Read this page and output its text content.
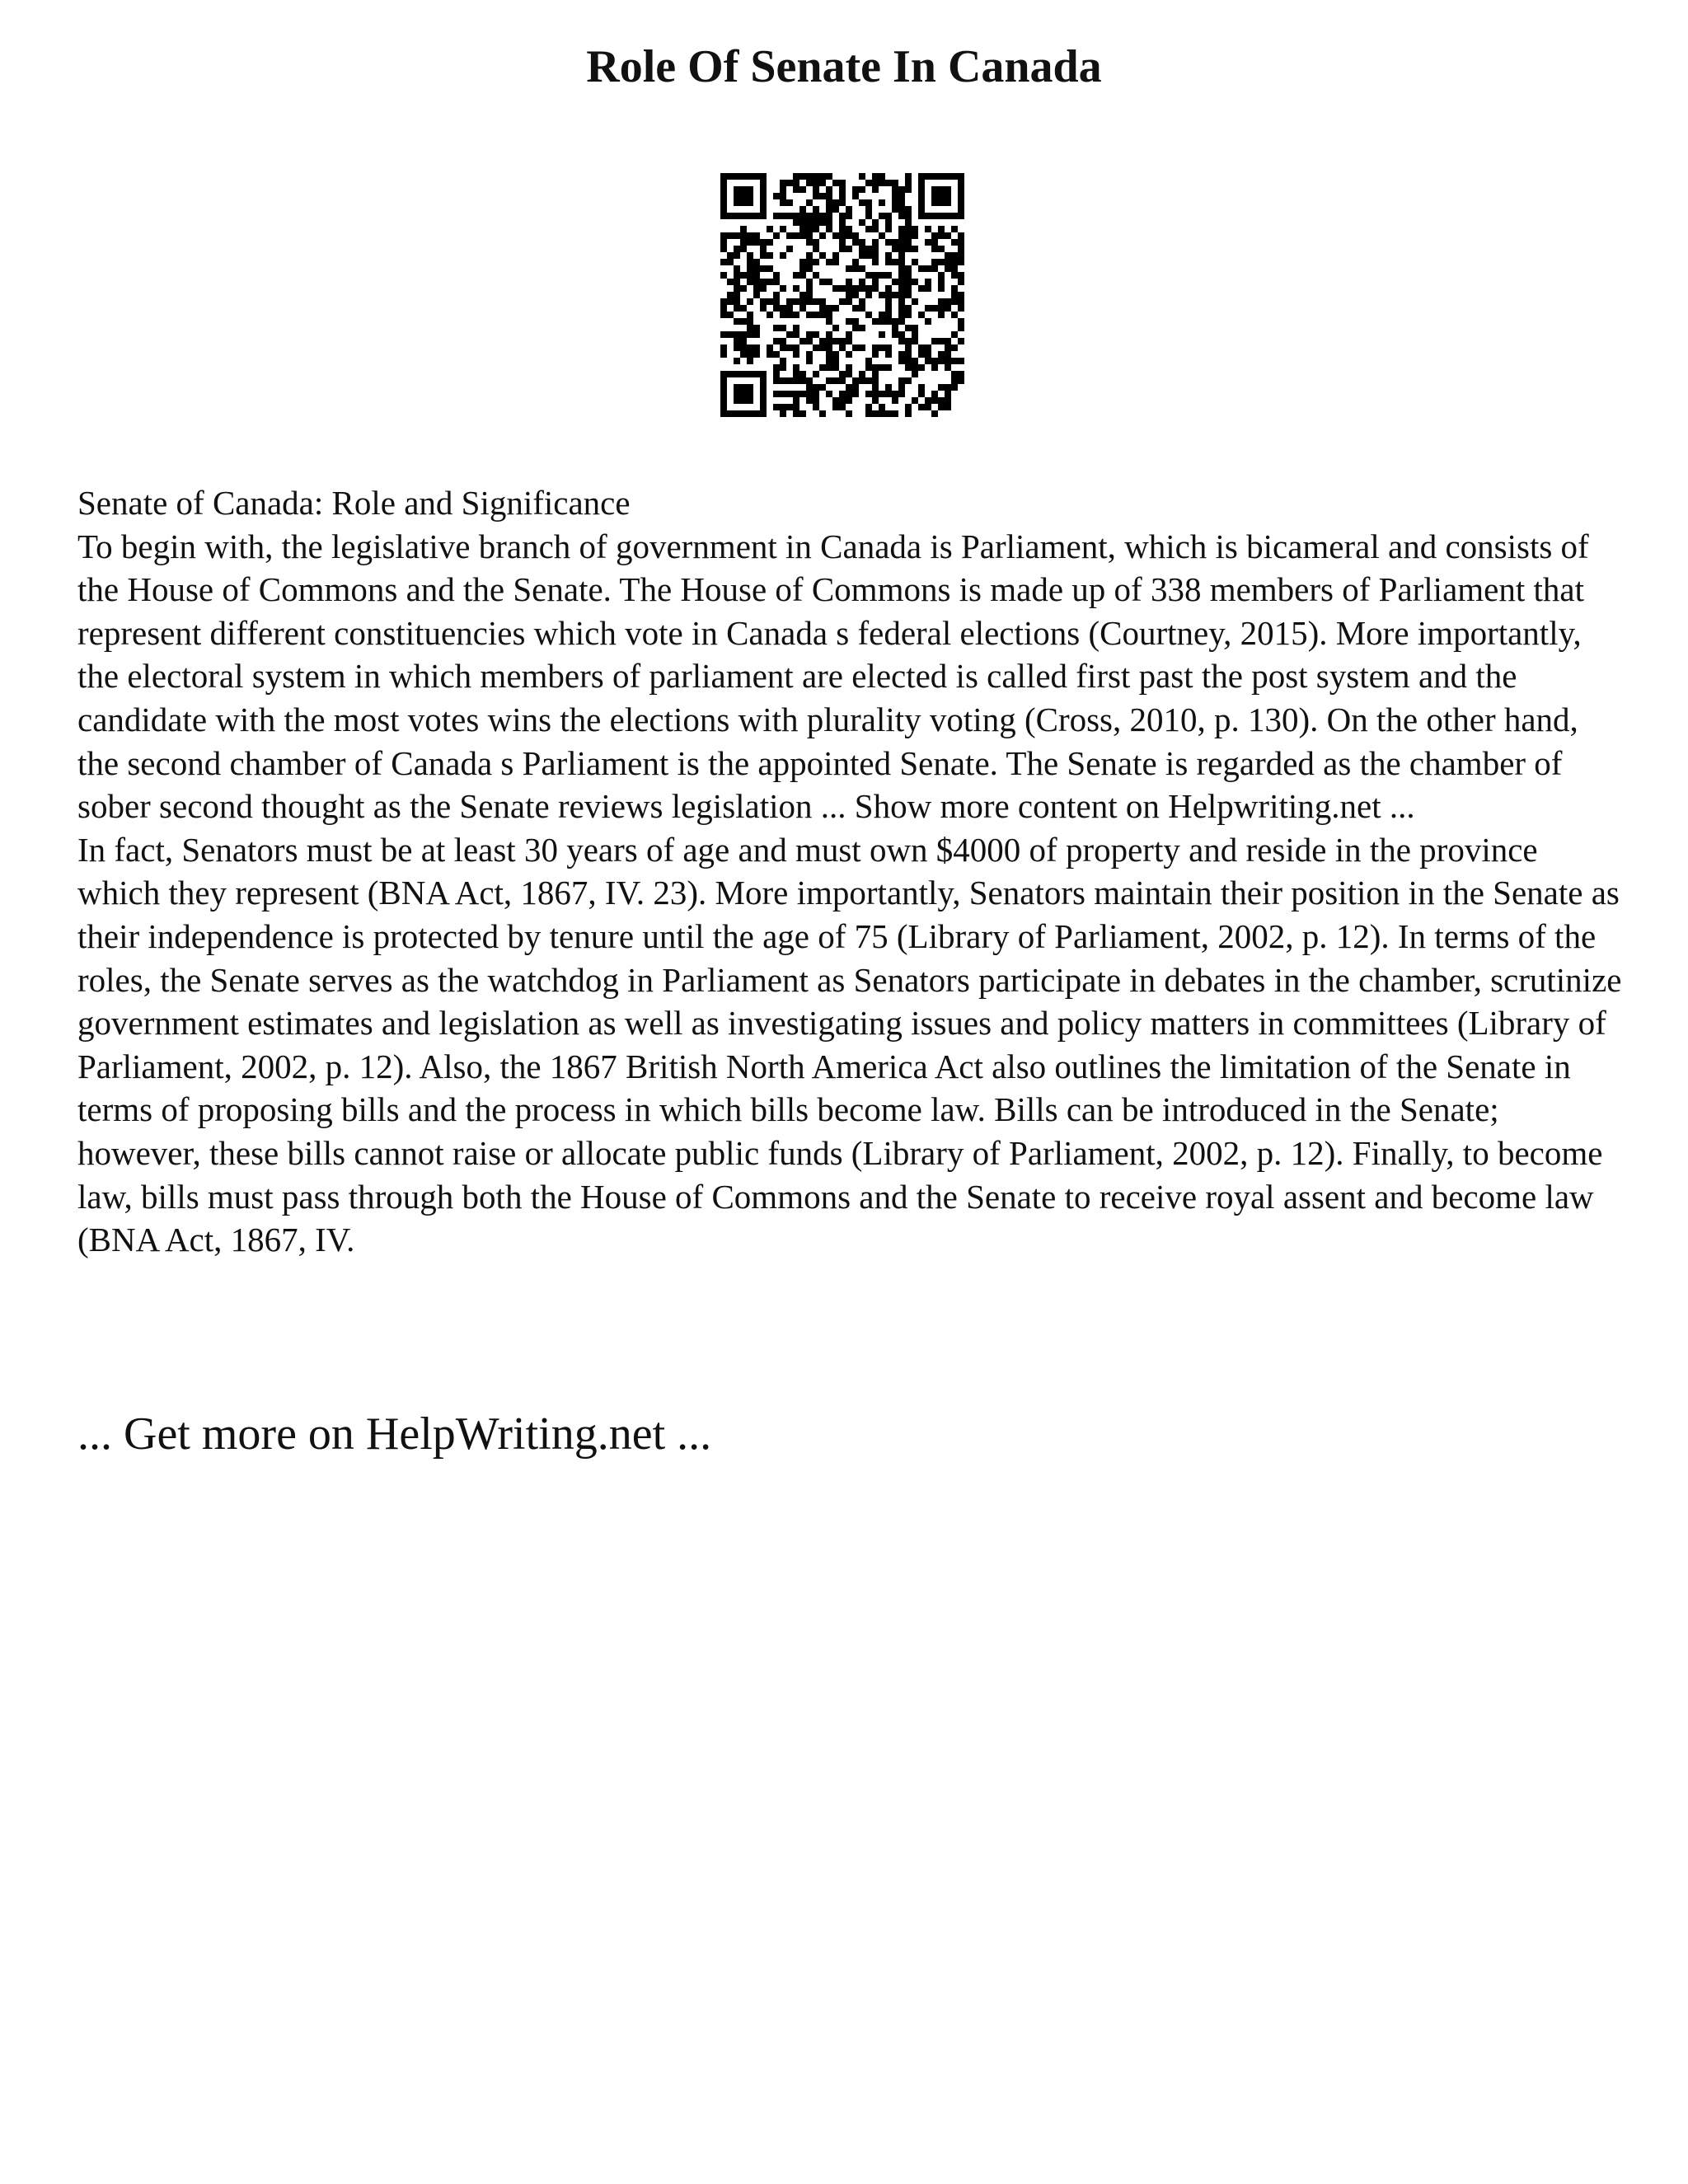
Role Of Senate In Canada

Senate of Canada: Role and Significance

To begin with, the legislative branch of government in Canada is Parliament, which is bicameral and consists of the House of Commons and the Senate. The House of Commons is made up of 338 members of Parliament that represent different constituencies which vote in Canada s federal elections (Courtney, 2015). More importantly, the electoral system in which members of parliament are elected is called first past the post system and the candidate with the most votes wins the elections with plurality voting (Cross, 2010, p. 130). On the other hand, the second chamber of Canada s Parliament is the appointed Senate. The Senate is regarded as the chamber of sober second thought as the Senate reviews legislation ... Show more content on Helpwriting.net ...

In fact, Senators must be at least 30 years of age and must own $4000 of property and reside in the province which they represent (BNA Act, 1867, IV. 23). More importantly, Senators maintain their position in the Senate as their independence is protected by tenure until the age of 75 (Library of Parliament, 2002, p. 12). In terms of the roles, the Senate serves as the watchdog in Parliament as Senators participate in debates in the chamber, scrutinize government estimates and legislation as well as investigating issues and policy matters in committees (Library of Parliament, 2002, p. 12). Also, the 1867 British North America Act also outlines the limitation of the Senate in terms of proposing bills and the process in which bills become law. Bills can be introduced in the Senate; however, these bills cannot raise or allocate public funds (Library of Parliament, 2002, p. 12). Finally, to become law, bills must pass through both the House of Commons and the Senate to receive royal assent and become law (BNA Act, 1867, IV.

... Get more on HelpWriting.net ...
